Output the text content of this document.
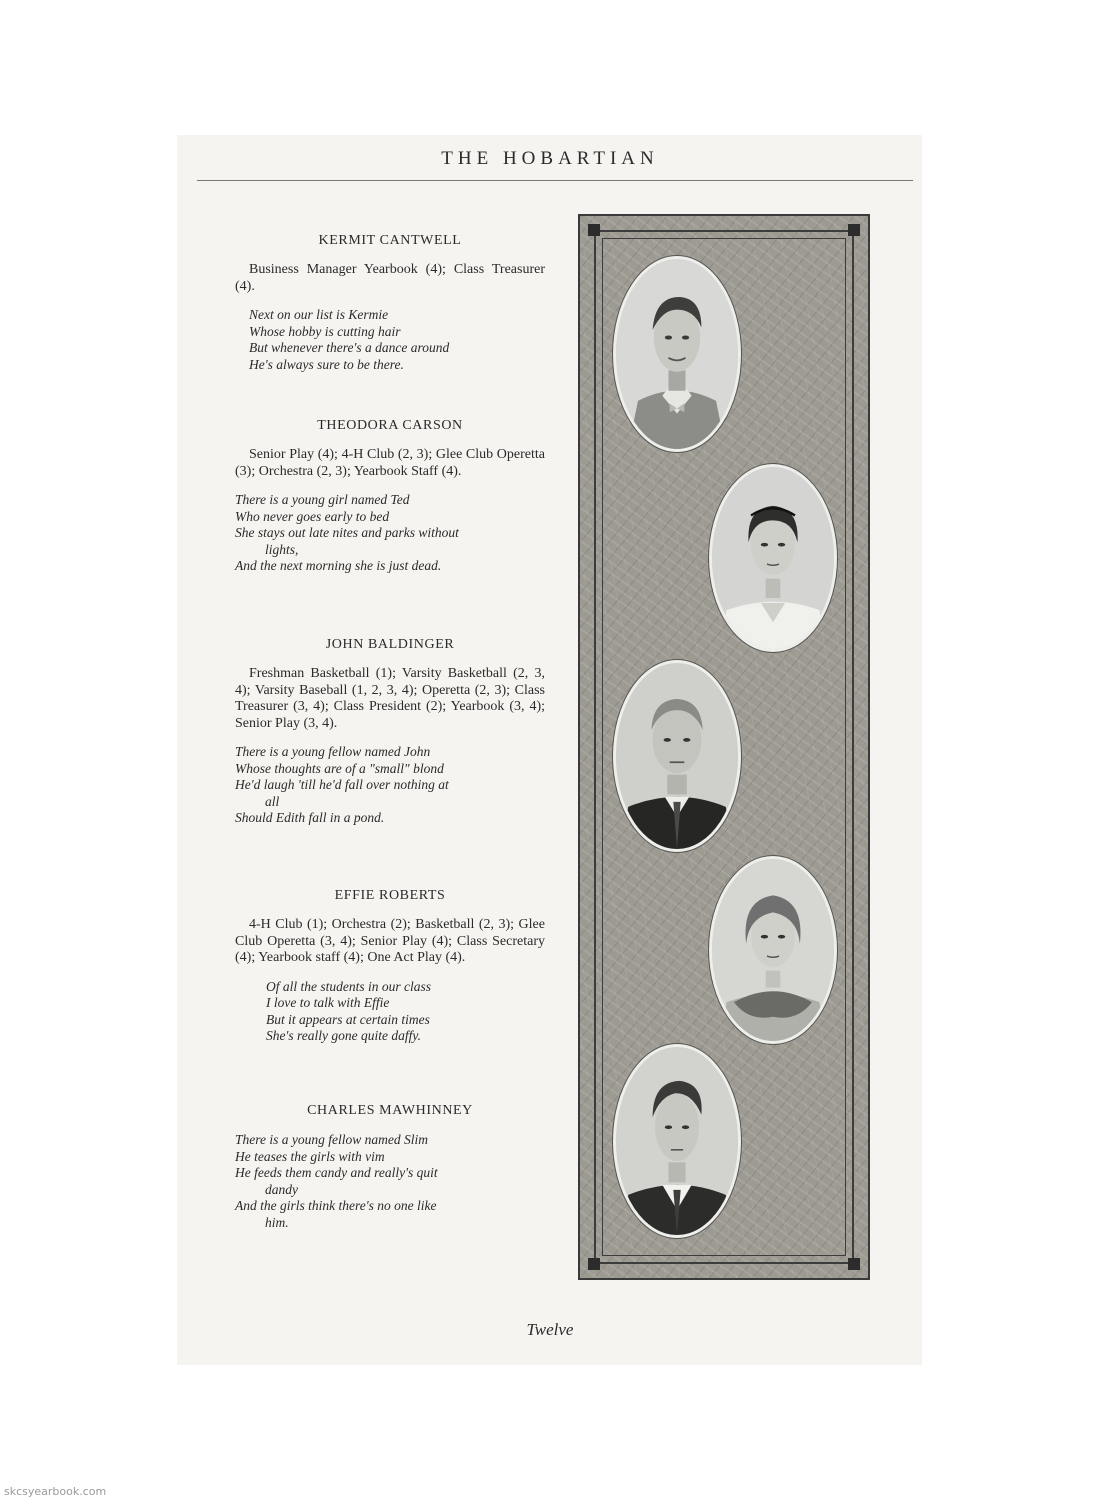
THE HOBARTIAN
KERMIT CANTWELL
Business Manager Yearbook (4); Class Treasurer (4).
Next on our list is Kermie
Whose hobby is cutting hair
But whenever there's a dance around
He's always sure to be there.
THEODORA CARSON
Senior Play (4); 4-H Club (2, 3); Glee Club Operetta (3); Orchestra (2, 3); Yearbook Staff (4).
There is a young girl named Ted
Who never goes early to bed
She stays out late nites and parks without
lights,
And the next morning she is just dead.
JOHN BALDINGER
Freshman Basketball (1); Varsity Basketball (2, 3, 4); Varsity Baseball (1, 2, 3, 4); Operetta (2, 3); Class Treasurer (3, 4); Class President (2); Yearbook (3, 4); Senior Play (3, 4).
There is a young fellow named John
Whose thoughts are of a "small" blond
He'd laugh 'till he'd fall over nothing at
all
Should Edith fall in a pond.
EFFIE ROBERTS
4-H Club (1); Orchestra (2); Basketball (2, 3); Glee Club Operetta (3, 4); Senior Play (4); Class Secretary (4); Yearbook staff (4); One Act Play (4).
Of all the students in our class
I love to talk with Effie
But it appears at certain times
She's really gone quite daffy.
CHARLES MAWHINNEY
There is a young fellow named Slim
He teases the girls with vim
He feeds them candy and really's quit
dandy
And the girls think there's no one like
him.
Twelve
skcsyearbook.com
